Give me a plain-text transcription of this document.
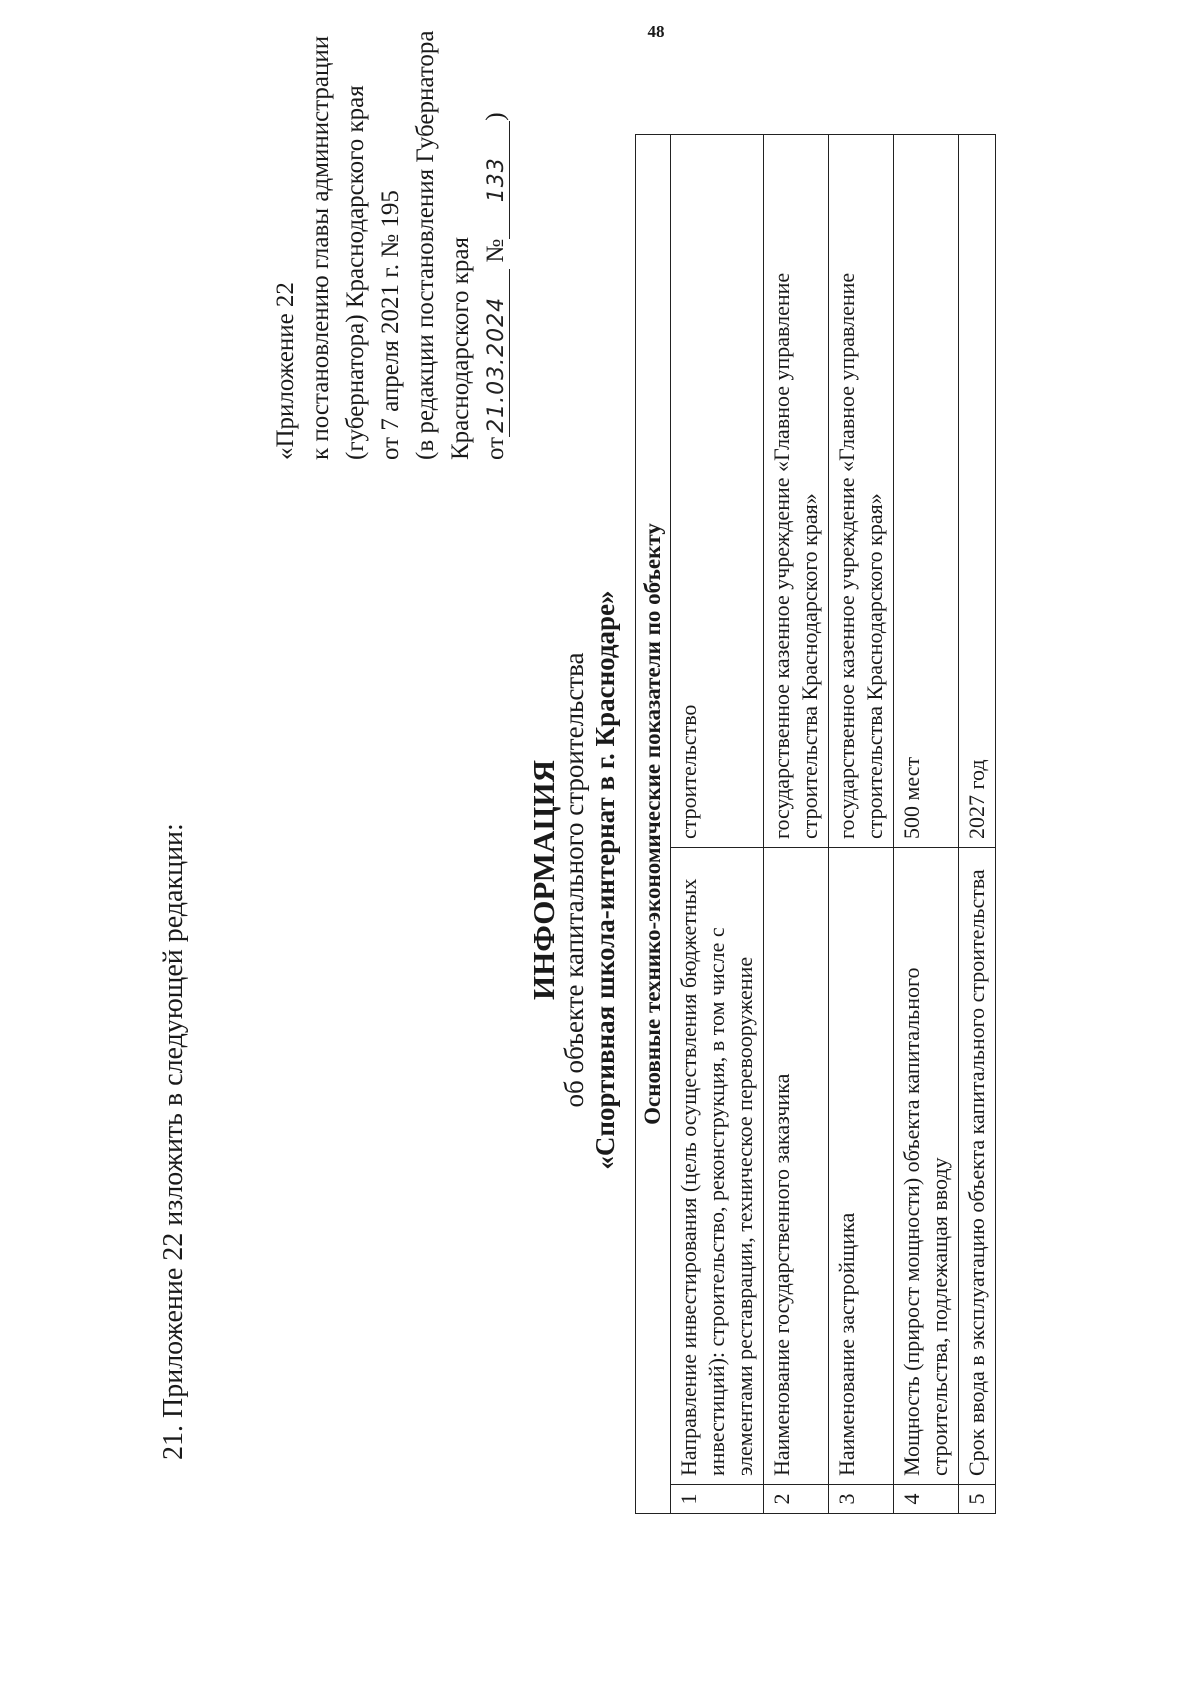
48
21. Приложение 22 изложить в следующей редакции:
«Приложение 22 к постановлению главы администрации (губернатора) Краснодарского края от 7 апреля 2021 г. № 195 (в редакции постановления Губернатора Краснодарского края от21.03.2024 №133)
ИНФОРМАЦИЯ
об объекте капитального строительства «Спортивная школа-интернат в г. Краснодаре» Основные технико-экономические показатели по объекту		
1	Направление инвестирования (цель осуществления бюджетных инвестиций): строительство, реконструкция, в том числе с элементами реставрации, техническое перевооружение	строительство
2	Наименование государственного заказчика	государственное казенное учреждение «Главное управление строительства Краснодарского края»
3	Наименование застройщика	государственное казенное учреждение «Главное управление строительства Краснодарского края»
4	Мощность (прирост мощности) объекта капитального строительства, подлежащая вводу	500 мест
5	Срок ввода в эксплуатацию объекта капитального строительства	2027 год
